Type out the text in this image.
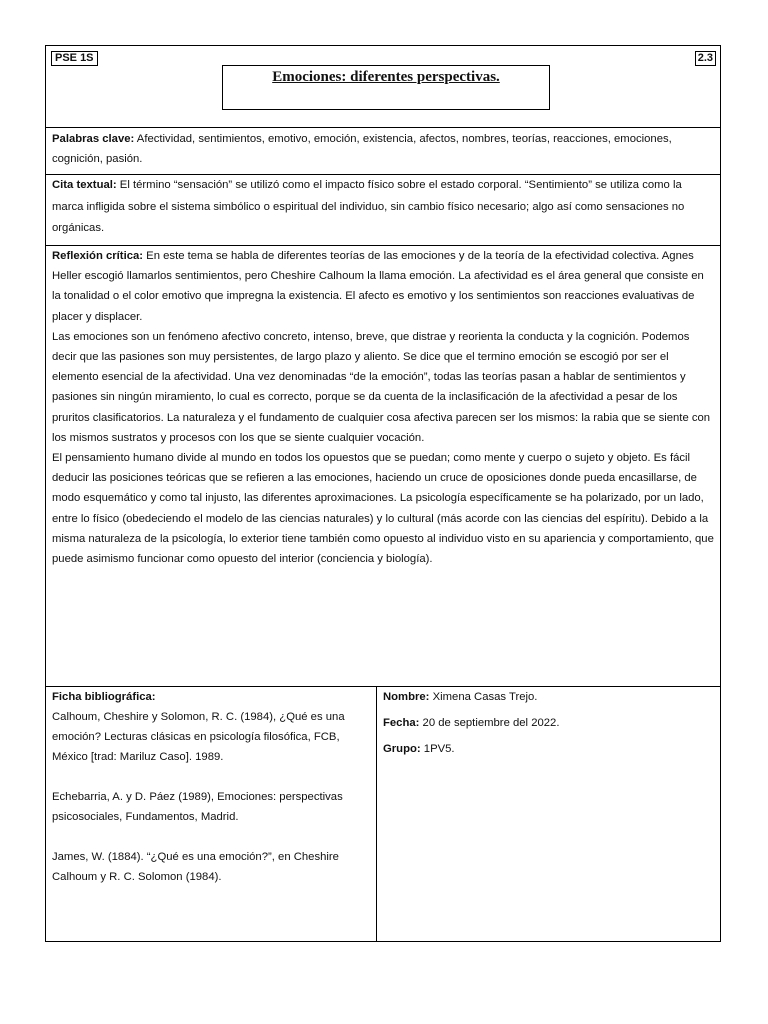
PSE 1S	2.3
Emociones: diferentes perspectivas.
Palabras clave: Afectividad, sentimientos, emotivo, emoción, existencia, afectos, nombres, teorías, reacciones, emociones, cognición, pasión.
Cita textual: El término “sensación” se utilizó como el impacto físico sobre el estado corporal. “Sentimiento” se utiliza como la marca infligida sobre el sistema simbólico o espiritual del individuo, sin cambio físico necesario; algo así como sensaciones no orgánicas.

Reflexión crítica: En este tema se habla de diferentes teorías de las emociones y de la teoría de la efectividad colectiva. Agnes Heller escogió llamarlos sentimientos, pero Cheshire Calhoum la llama emoción. La afectividad es el área general que consiste en la tonalidad o el color emotivo que impregna la existencia. El afecto es emotivo y los sentimientos son reacciones evaluativas de placer y displacer.

Las emociones son un fenómeno afectivo concreto, intenso, breve, que distrae y reorienta la conducta y la cognición. Podemos decir que las pasiones son muy persistentes, de largo plazo y aliento. Se dice que el termino emoción se escogió por ser el elemento esencial de la afectividad. Una vez denominadas “de la emoción”, todas las teorías pasan a hablar de sentimientos y pasiones sin ningún miramiento, lo cual es correcto, porque se da cuenta de la inclasificación de la afectividad a pesar de los pruritos clasificatorios. La naturaleza y el fundamento de cualquier cosa afectiva parecen ser los mismos: la rabia que se siente con los mismos sustratos y procesos con los que se siente cualquier vocación.

El pensamiento humano divide al mundo en todos los opuestos que se puedan; como mente y cuerpo o sujeto y objeto. Es fácil deducir las posiciones teóricas que se refieren a las emociones, haciendo un cruce de oposiciones donde pueda encasillarse, de modo esquemático y como tal injusto, las diferentes aproximaciones. La psicología específicamente se ha polarizado, por un lado, entre lo físico (obedeciendo el modelo de las ciencias naturales) y lo cultural (más acorde con las ciencias del espíritu). Debido a la misma naturaleza de la psicología, lo exterior tiene también como opuesto al individuo visto en su apariencia y comportamiento, que puede asimismo funcionar como opuesto del interior (conciencia y biología).

Ficha bibliográfica:

Calhoum, Cheshire y Solomon, R. C. (1984), ¿Qué es una emoción? Lecturas clásicas en psicología filosófica, FCB, México [trad: Mariluz Caso]. 1989.

Echebarria, A. y D. Páez (1989), Emociones: perspectivas psicosociales, Fundamentos, Madrid.

James, W. (1884). “¿Qué es una emoción?”, en Cheshire Calhoum y R. C. Solomon (1984).

Nombre: Ximena Casas Trejo.

Fecha: 20 de septiembre del 2022.

Grupo: 1PV5.
